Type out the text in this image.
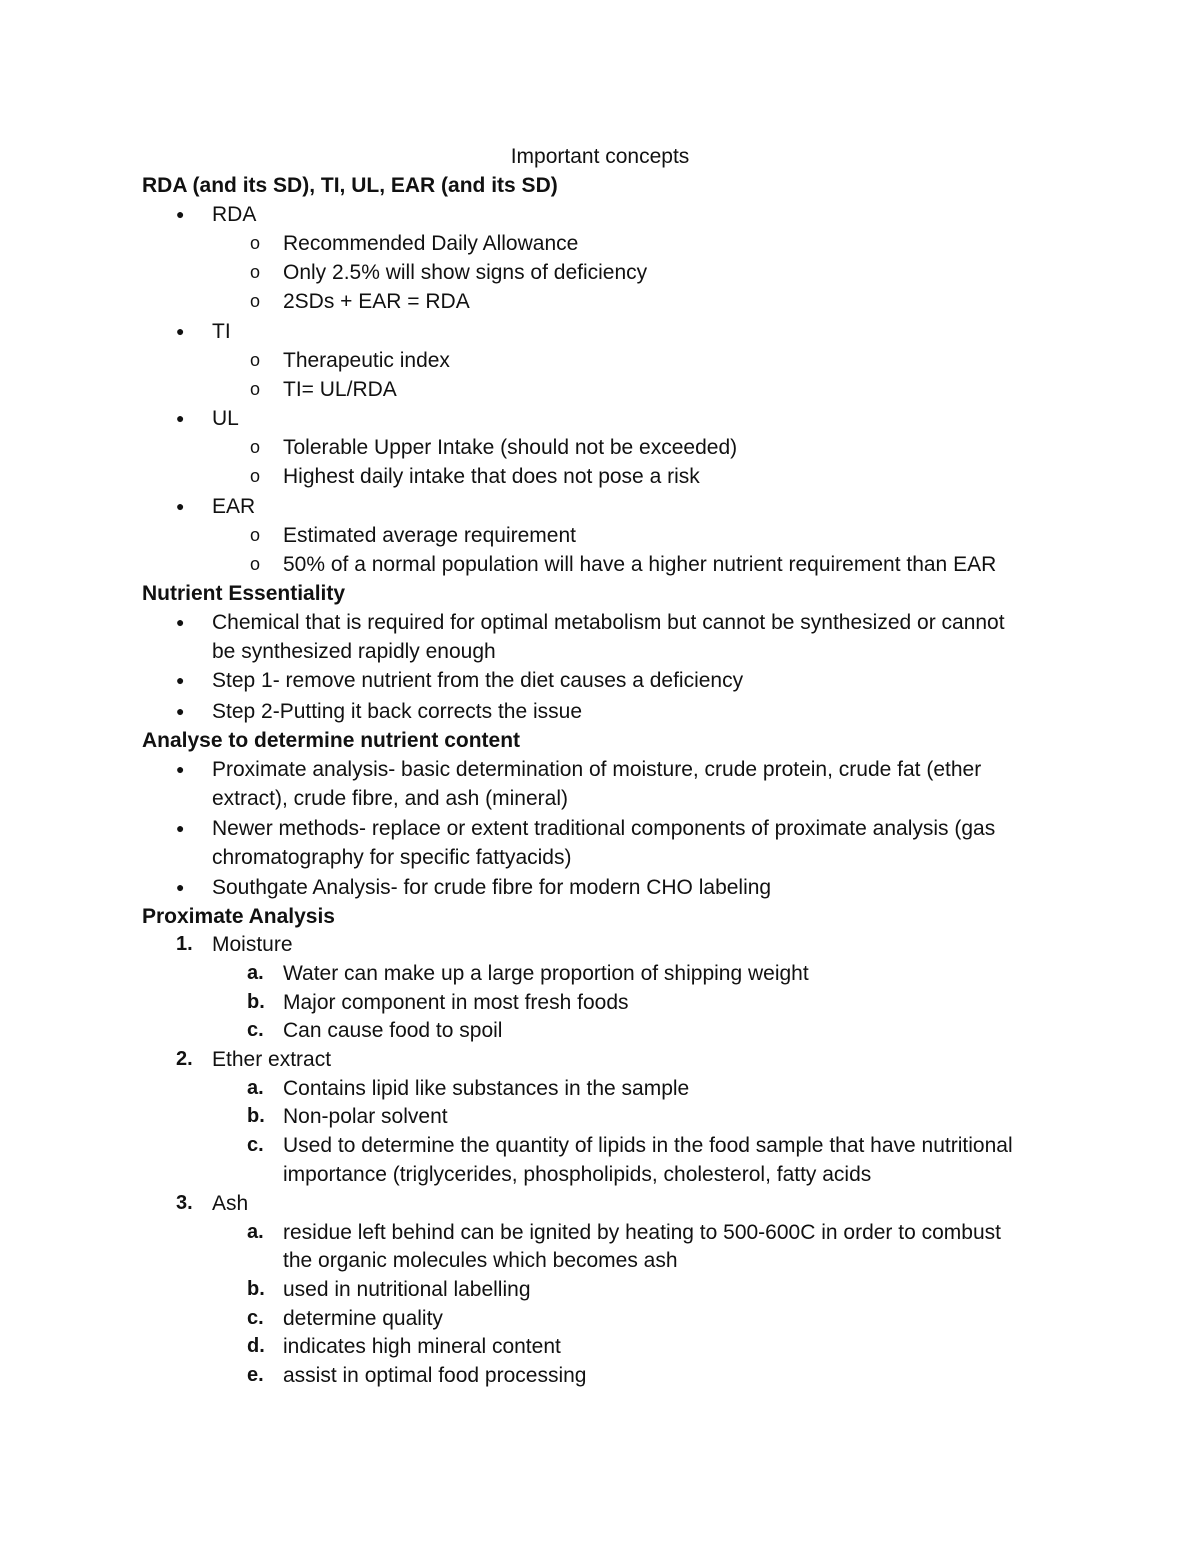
Important concepts
RDA (and its SD), TI, UL, EAR (and its SD)
● RDA
o Recommended Daily Allowance
o Only 2.5% will show signs of deficiency
o 2SDs + EAR = RDA
● TI
o Therapeutic index
o TI= UL/RDA
● UL
o Tolerable Upper Intake (should not be exceeded)
o Highest daily intake that does not pose a risk
● EAR
o Estimated average requirement
o 50% of a normal population will have a higher nutrient requirement than EAR
Nutrient Essentiality
● Chemical that is required for optimal metabolism but cannot be synthesized or cannot
be synthesized rapidly enough
● Step 1- remove nutrient from the diet causes a deficiency
● Step 2-Putting it back corrects the issue
Analyse to determine nutrient content
● Proximate analysis- basic determination of moisture, crude protein, crude fat (ether
extract), crude fibre, and ash (mineral)
● Newer methods- replace or extent traditional components of proximate analysis (gas
chromatography for specific fattyacids)
● Southgate Analysis- for crude fibre for modern CHO labeling
Proximate Analysis
1. Moisture
a. Water can make up a large proportion of shipping weight
b. Major component in most fresh foods
c. Can cause food to spoil
2. Ether extract
a. Contains lipid like substances in the sample
b. Non-polar solvent
c. Used to determine the quantity of lipids in the food sample that have nutritional
importance (triglycerides, phospholipids, cholesterol, fatty acids
3. Ash
a. residue left behind can be ignited by heating to 500-600C in order to combust
the organic molecules which becomes ash
b. used in nutritional labelling
c. determine quality
d. indicates high mineral content
e. assist in optimal food processing
